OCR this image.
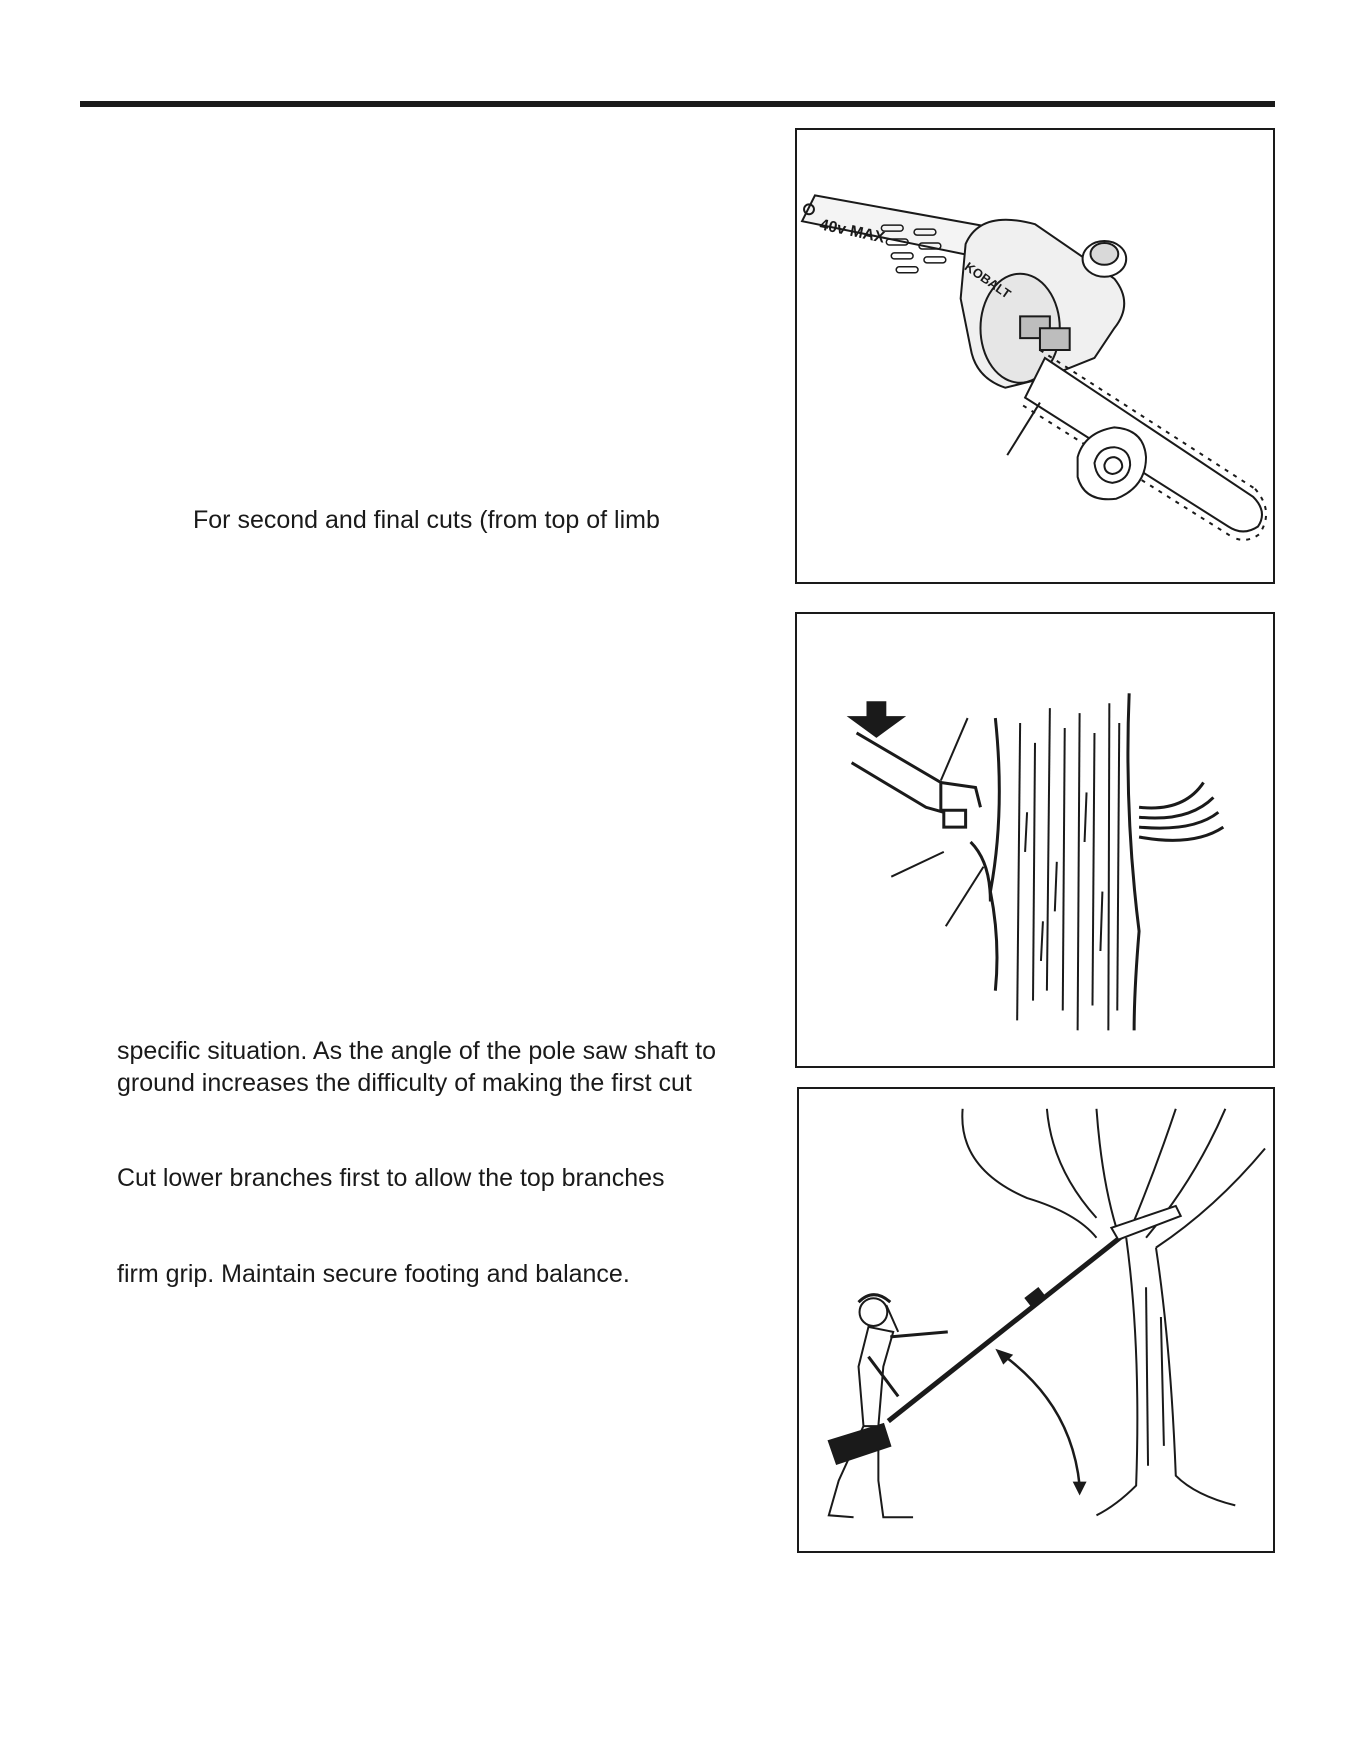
For second and final cuts (from top of limb

specific situation. As the angle of the pole saw shaft to

ground increases the difficulty of making the first cut

Cut lower branches first to allow the top branches

firm grip. Maintain secure footing and balance.

40v MAX
KOBALT
